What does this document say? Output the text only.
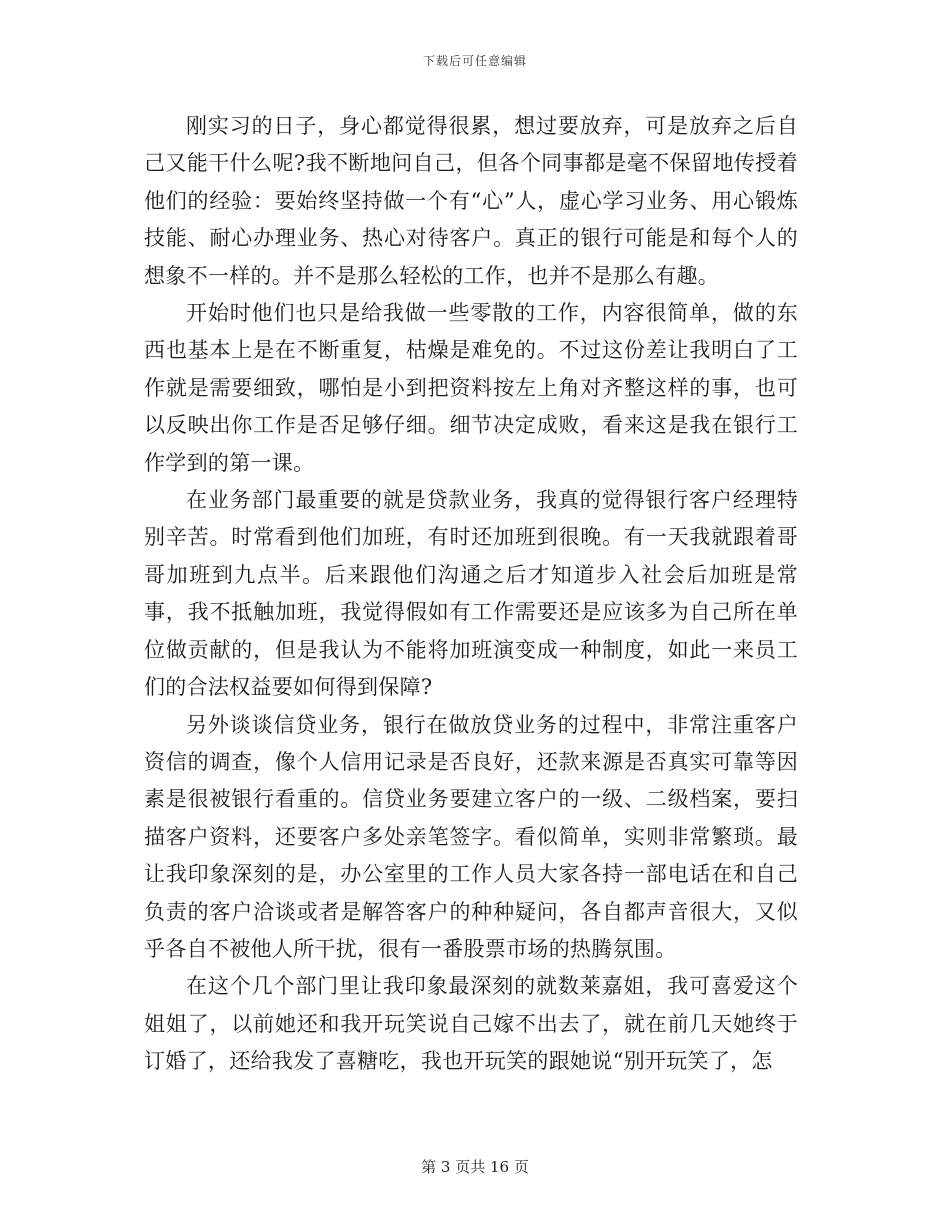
下载后可任意编辑

刚实习的日子，身心都觉得很累，想过要放弃，可是放弃之后自己又能干什么呢?我不断地问自己，但各个同事都是毫不保留地传授着他们的经验：要始终坚持做一个有“心”人，虚心学习业务、用心锻炼技能、耐心办理业务、热心对待客户。真正的银行可能是和每个人的想象不一样的。并不是那么轻松的工作，也并不是那么有趣。

开始时他们也只是给我做一些零散的工作，内容很简单，做的东西也基本上是在不断重复，枯燥是难免的。不过这份差让我明白了工作就是需要细致，哪怕是小到把资料按左上角对齐整这样的事，也可以反映出你工作是否足够仔细。细节决定成败，看来这是我在银行工作学到的第一课。

在业务部门最重要的就是贷款业务，我真的觉得银行客户经理特别辛苦。时常看到他们加班，有时还加班到很晚。有一天我就跟着哥哥加班到九点半。后来跟他们沟通之后才知道步入社会后加班是常事，我不抵触加班，我觉得假如有工作需要还是应该多为自己所在单位做贡献的，但是我认为不能将加班演变成一种制度，如此一来员工们的合法权益要如何得到保障?

另外谈谈信贷业务，银行在做放贷业务的过程中，非常注重客户资信的调查，像个人信用记录是否良好，还款来源是否真实可靠等因素是很被银行看重的。信贷业务要建立客户的一级、二级档案，要扫描客户资料，还要客户多处亲笔签字。看似简单，实则非常繁琐。最让我印象深刻的是，办公室里的工作人员大家各持一部电话在和自己负责的客户洽谈或者是解答客户的种种疑问，各自都声音很大，又似乎各自不被他人所干扰，很有一番股票市场的热腾氛围。

在这个几个部门里让我印象最深刻的就数莱嘉姐，我可喜爱这个姐姐了，以前她还和我开玩笑说自己嫁不出去了，就在前几天她终于订婚了，还给我发了喜糖吃，我也开玩笑的跟她说“别开玩笑了，怎

第 3 页共 16 页
